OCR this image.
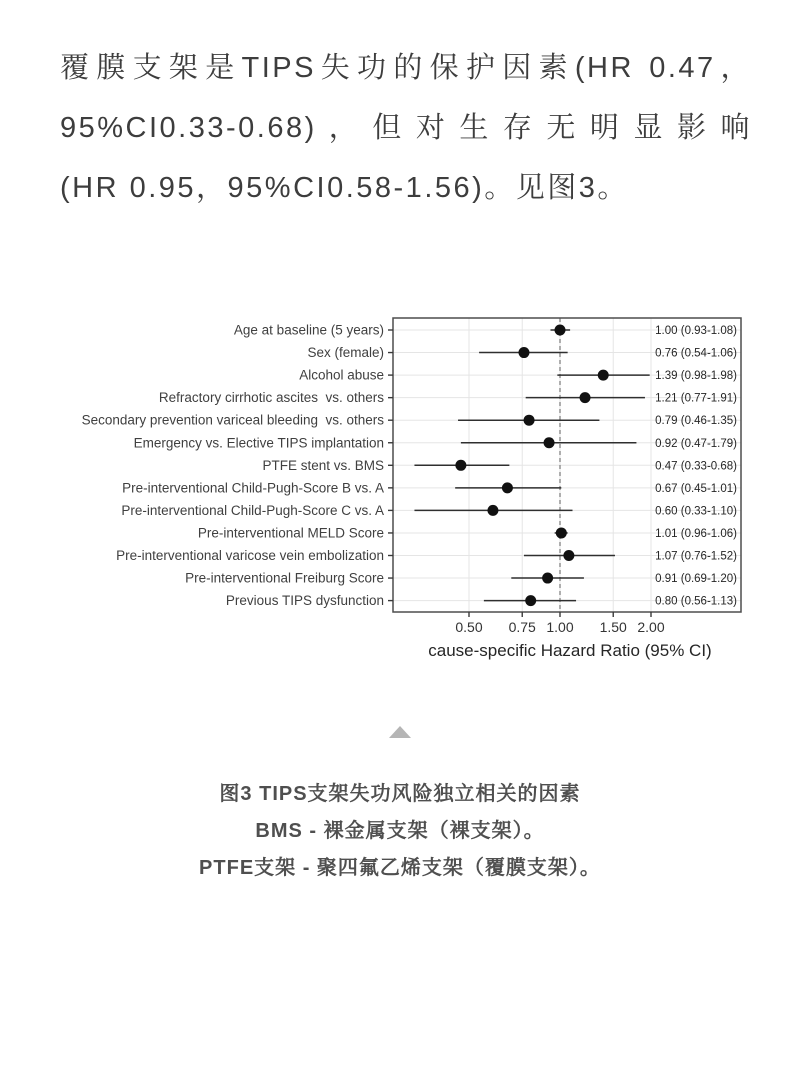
覆膜支架是TIPS失功的保护因素(HR 0.47，
95%CI0.33-0.68)，但对生存无明显影响
(HR 0.95，95%CI0.58-1.56)。见图3。
Age at baseline (5 years)	1.00 (0.93-1.08)
Sex (female)	0.76 (0.54-1.06)
Alcohol abuse	1.39 (0.98-1.98)
Refractory cirrhotic ascites  vs. others	1.21 (0.77-1.91)
Secondary prevention variceal bleeding  vs. others	0.79 (0.46-1.35)
Emergency vs. Elective TIPS implantation	0.92 (0.47-1.79)
PTFE stent vs. BMS	0.47 (0.33-0.68)
Pre-interventional Child-Pugh-Score B vs. A	0.67 (0.45-1.01)
Pre-interventional Child-Pugh-Score C vs. A	0.60 (0.33-1.10)
Pre-interventional MELD Score	1.01 (0.96-1.06)
Pre-interventional varicose vein embolization	1.07 (0.76-1.52)
Pre-interventional Freiburg Score	0.91 (0.69-1.20)
Previous TIPS dysfunction	0.80 (0.56-1.13)
0.50 0.75 1.00 1.50 2.00
cause-specific Hazard Ratio (95% CI)
图3 TIPS支架失功风险独立相关的因素
BMS - 裸金属支架（裸支架）。
PTFE支架 - 聚四氟乙烯支架（覆膜支架）。
